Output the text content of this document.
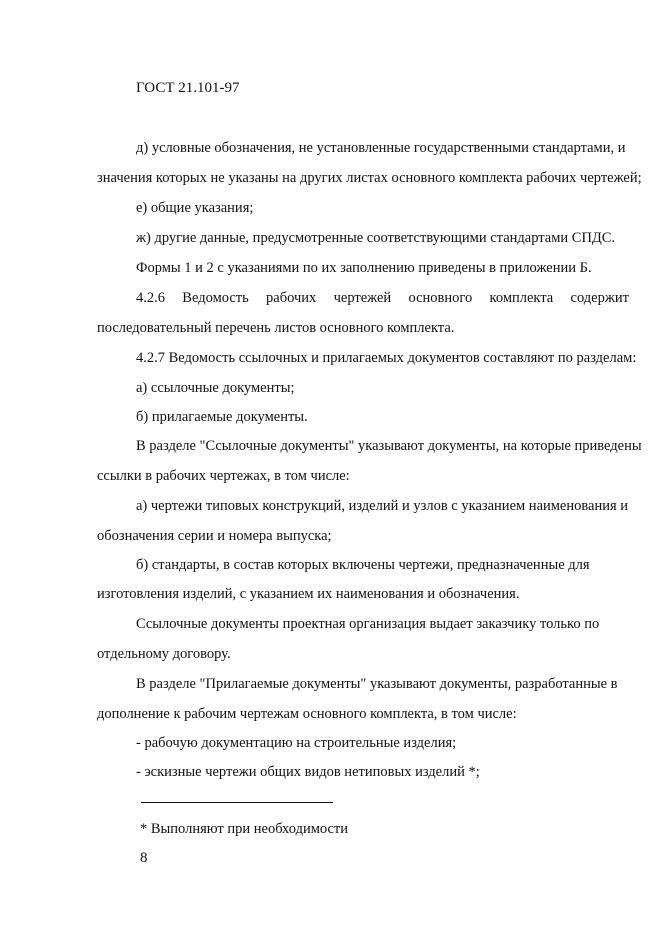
ГОСТ 21.101-97
д) условные обозначения, не установленные государственными стандартами, и
значения которых не указаны на других листах основного комплекта рабочих чертежей;
е) общие указания;
ж) другие данные, предусмотренные соответствующими стандартами СПДС.
Формы 1 и 2 с указаниями по их заполнению приведены в приложении Б.
4.2.6 Ведомость рабочих чертежей основного комплекта содержит
последовательный перечень листов основного комплекта.
4.2.7 Ведомость ссылочных и прилагаемых документов составляют по разделам:
а) ссылочные документы;
б) прилагаемые документы.
В разделе "Ссылочные документы" указывают документы, на которые приведены
ссылки в рабочих чертежах, в том числе:
а) чертежи типовых конструкций, изделий и узлов с указанием наименования и
обозначения серии и номера выпуска;
б) стандарты, в состав которых включены чертежи, предназначенные для
изготовления изделий, с указанием их наименования и обозначения.
Ссылочные документы проектная организация выдает заказчику только по
отдельному договору.
В разделе "Прилагаемые документы" указывают документы, разработанные в
дополнение к рабочим чертежам основного комплекта, в том числе:
- рабочую документацию на строительные изделия;
- эскизные чертежи общих видов нетиповых изделий *;
* Выполняют при необходимости
8
